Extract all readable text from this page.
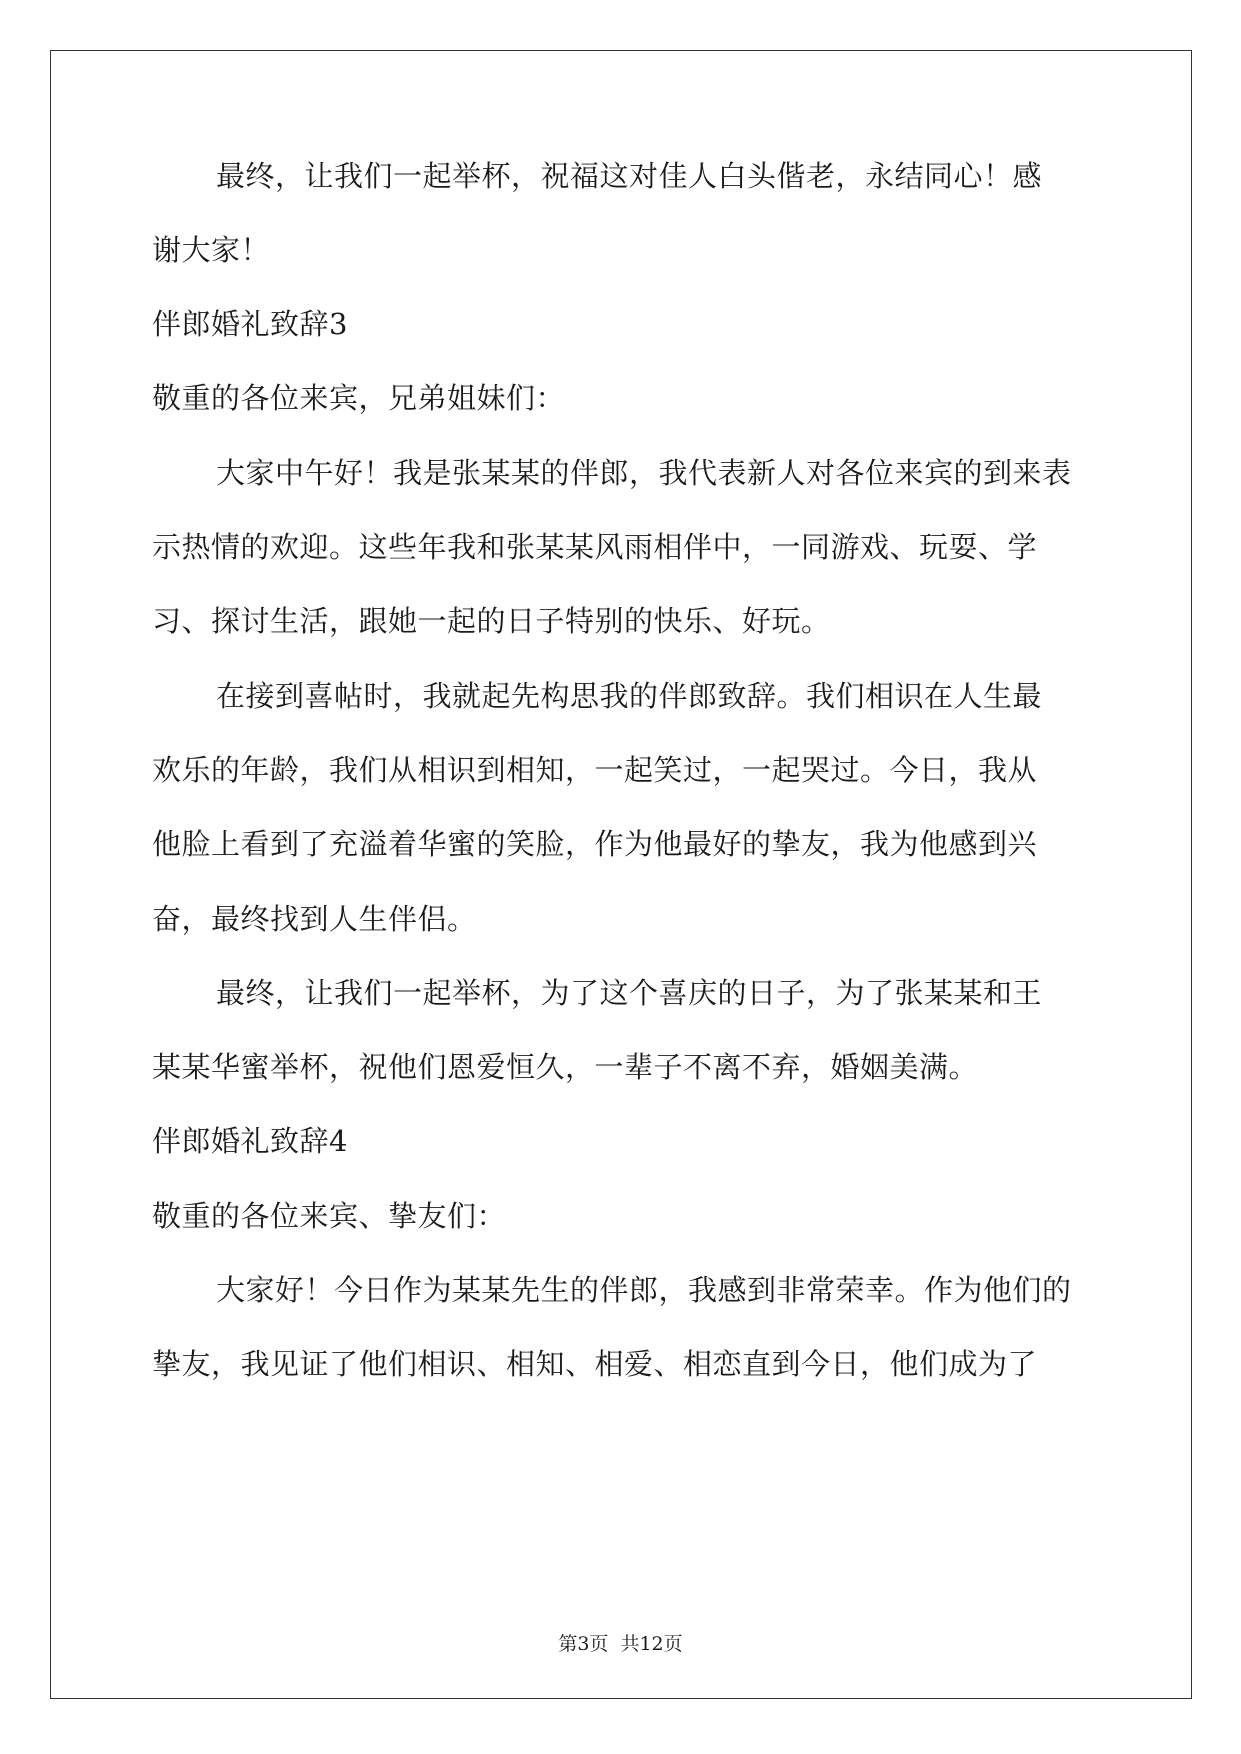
最终，让我们一起举杯，祝福这对佳人白头偕老，永结同心！感
谢大家！
伴郎婚礼致辞3
敬重的各位来宾，兄弟姐妹们：
大家中午好！我是张某某的伴郎，我代表新人对各位来宾的到来表
示热情的欢迎。这些年我和张某某风雨相伴中，一同游戏、玩耍、学
习、探讨生活，跟她一起的日子特别的快乐、好玩。
在接到喜帖时，我就起先构思我的伴郎致辞。我们相识在人生最
欢乐的年龄，我们从相识到相知，一起笑过，一起哭过。今日，我从
他脸上看到了充溢着华蜜的笑脸，作为他最好的挚友，我为他感到兴
奋，最终找到人生伴侣。
最终，让我们一起举杯，为了这个喜庆的日子，为了张某某和王
某某华蜜举杯，祝他们恩爱恒久，一辈子不离不弃，婚姻美满。
伴郎婚礼致辞4
敬重的各位来宾、挚友们：
大家好！今日作为某某先生的伴郎，我感到非常荣幸。作为他们的
挚友，我见证了他们相识、相知、相爱、相恋直到今日，他们成为了
第3页 共12页
